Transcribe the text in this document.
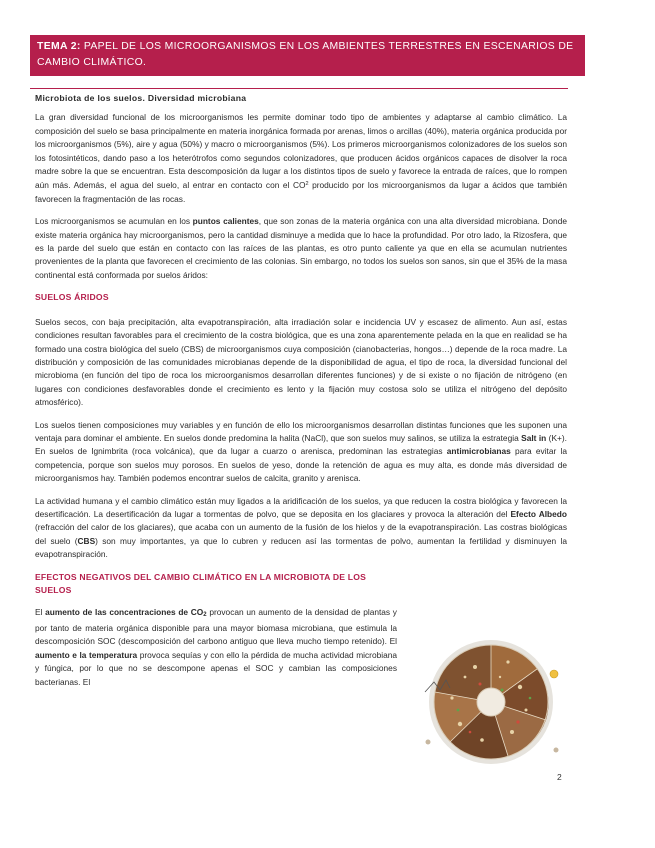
TEMA 2: PAPEL DE LOS MICROORGANISMOS EN LOS AMBIENTES TERRESTRES EN ESCENARIOS DE CAMBIO CLIMÁTICO.
Microbiota de los suelos. Diversidad microbiana

La gran diversidad funcional de los microorganismos les permite dominar todo tipo de ambientes y adaptarse al cambio climático. La composición del suelo se basa principalmente en materia inorgánica formada por arenas, limos o arcillas (40%), materia orgánica producida por los microorganismos (5%), aire y agua (50%) y macro o microorganismos (5%). Los primeros microorganismos colonizadores de los suelos son los fotosintéticos, dando paso a los heterótrofos como segundos colonizadores, que producen ácidos orgánicos capaces de disolver la roca madre sobre la que se encuentran. Esta descomposición da lugar a los distintos tipos de suelo y favorece la entrada de raíces, que lo rompen aún más. Además, el agua del suelo, al entrar en contacto con el $CO^2$ producido por los microorganismos da lugar a ácidos que también favorecen la fragmentación de las rocas.

Los microorganismos se acumulan en los puntos calientes, que son zonas de la materia orgánica con una alta diversidad microbiana. Donde existe materia orgánica hay microorganismos, pero la cantidad disminuye a medida que lo hace la profundidad. Por otro lado, la Rizosfera, que es la parde del suelo que están en contacto con las raíces de las plantas, es otro punto caliente ya que en ella se acumulan nutrientes provenientes de la planta que favorecen el crecimiento de las colonias. Sin embargo, no todos los suelos son sanos, sin que el 35% de la masa continental está conformada por suelos áridos:

SUELOS ÁRIDOS

Suelos secos, con baja precipitación, alta evapotranspiración, alta irradiación solar e incidencia UV y escasez de alimento. Aun así, estas condiciones resultan favorables para el crecimiento de la costra biológica, que es una zona aparentemente pelada en la que en realidad se ha formado una costra biológica del suelo (CBS) de microorganismos cuya composición (cianobacterias, hongos…) depende de la roca madre. La distribución y composición de las comunidades microbianas depende de la disponibilidad de agua, el tipo de roca, la diversidad funcional del microbioma (en función del tipo de roca los microorganismos desarrollan diferentes funciones) y de si existe o no fijación de nitrógeno (en lugares con condiciones desfavorables donde el crecimiento es lento y la fijación muy costosa solo se utiliza el nitrógeno del depósito atmosférico).

Los suelos tienen composiciones muy variables y en función de ello los microorganismos desarrollan distintas funciones que les suponen una ventaja para dominar el ambiente. En suelos donde predomina la halita (NaCl), que son suelos muy salinos, se utiliza la estrategia Salt in (K+). En suelos de Ignimbrita (roca volcánica), que da lugar a cuarzo o arenisca, predominan las estrategias antimicrobianas para evitar la competencia, porque son suelos muy porosos. En suelos de yeso, donde la retención de agua es muy alta, es donde más diversidad de microorganismos hay. También podemos encontrar suelos de calcita, granito y arenisca.

La actividad humana y el cambio climático están muy ligados a la aridificación de los suelos, ya que reducen la costra biológica y favorecen la desertificación. La desertificación da lugar a tormentas de polvo, que se deposita en los glaciares y provoca la alteración del Efecto Albedo (refracción del calor de los glaciares), que acaba con un aumento de la fusión de los hielos y de la evapotranspiración. Las costras biológicas del suelo (CBS) son muy importantes, ya que lo cubren y reducen así las tormentas de polvo, aumentan la fertilidad y disminuyen la evapotranspiración.

EFECTOS NEGATIVOS DEL CAMBIO CLIMÁTICO EN LA MICROBIOTA DE LOS SUELOS

El aumento de las concentraciones de CO2 provocan un aumento de la densidad de plantas y por tanto de materia orgánica disponible para una mayor biomasa microbiana, que estimula la descomposición SOC (descomposición del carbono antiguo que lleva mucho tiempo retenido). El aumento e la temperatura provoca sequías y con ello la pérdida de mucha actividad microbiana y fúngica, por lo que no se descompone apenas el SOC y cambian las composiciones bacterianas. El

2
